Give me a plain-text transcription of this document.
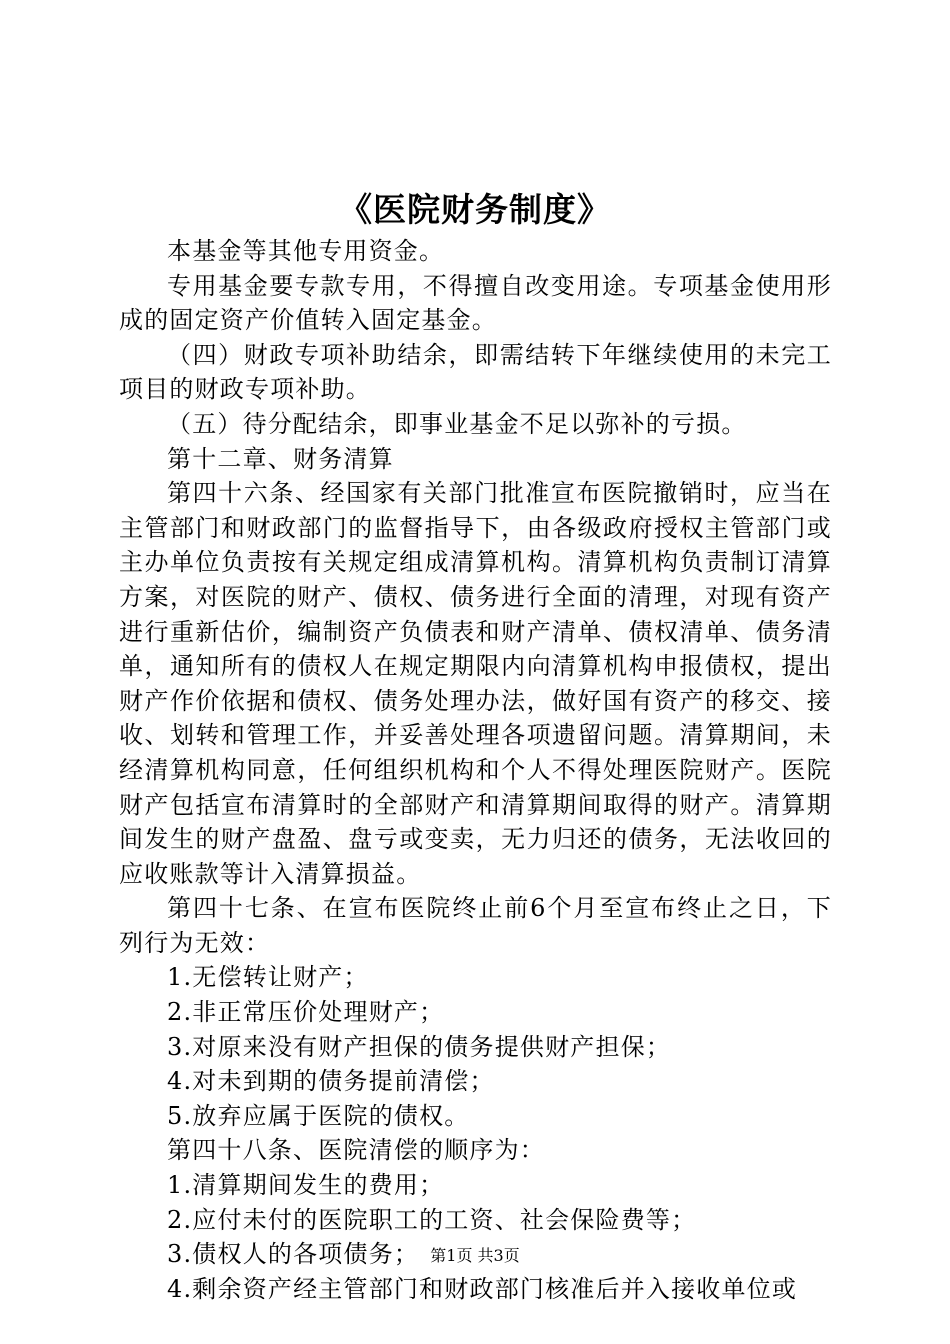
《医院财务制度》

本基金等其他专用资金。

专用基金要专款专用，不得擅自改变用途。专项基金使用形成的固定资产价值转入固定基金。

（四）财政专项补助结余，即需结转下年继续使用的未完工项目的财政专项补助。

（五）待分配结余，即事业基金不足以弥补的亏损。

第十二章、财务清算

第四十六条、经国家有关部门批准宣布医院撤销时，应当在主管部门和财政部门的监督指导下，由各级政府授权主管部门或主办单位负责按有关规定组成清算机构。清算机构负责制订清算方案，对医院的财产、债权、债务进行全面的清理，对现有资产进行重新估价，编制资产负债表和财产清单、债权清单、债务清单，通知所有的债权人在规定期限内向清算机构申报债权，提出财产作价依据和债权、债务处理办法，做好国有资产的移交、接收、划转和管理工作，并妥善处理各项遗留问题。清算期间，未经清算机构同意，任何组织机构和个人不得处理医院财产。医院财产包括宣布清算时的全部财产和清算期间取得的财产。清算期间发生的财产盘盈、盘亏或变卖，无力归还的债务，无法收回的应收账款等计入清算损益。

第四十七条、在宣布医院终止前6个月至宣布终止之日，下列行为无效：

1.无偿转让财产；

2.非正常压价处理财产；

3.对原来没有财产担保的债务提供财产担保；

4.对未到期的债务提前清偿；

5.放弃应属于医院的债权。

第四十八条、医院清偿的顺序为：

1.清算期间发生的费用；

2.应付未付的医院职工的工资、社会保险费等；

3.债权人的各项债务；

4.剩余资产经主管部门和财政部门核准后并入接收单位或

第1页 共3页
